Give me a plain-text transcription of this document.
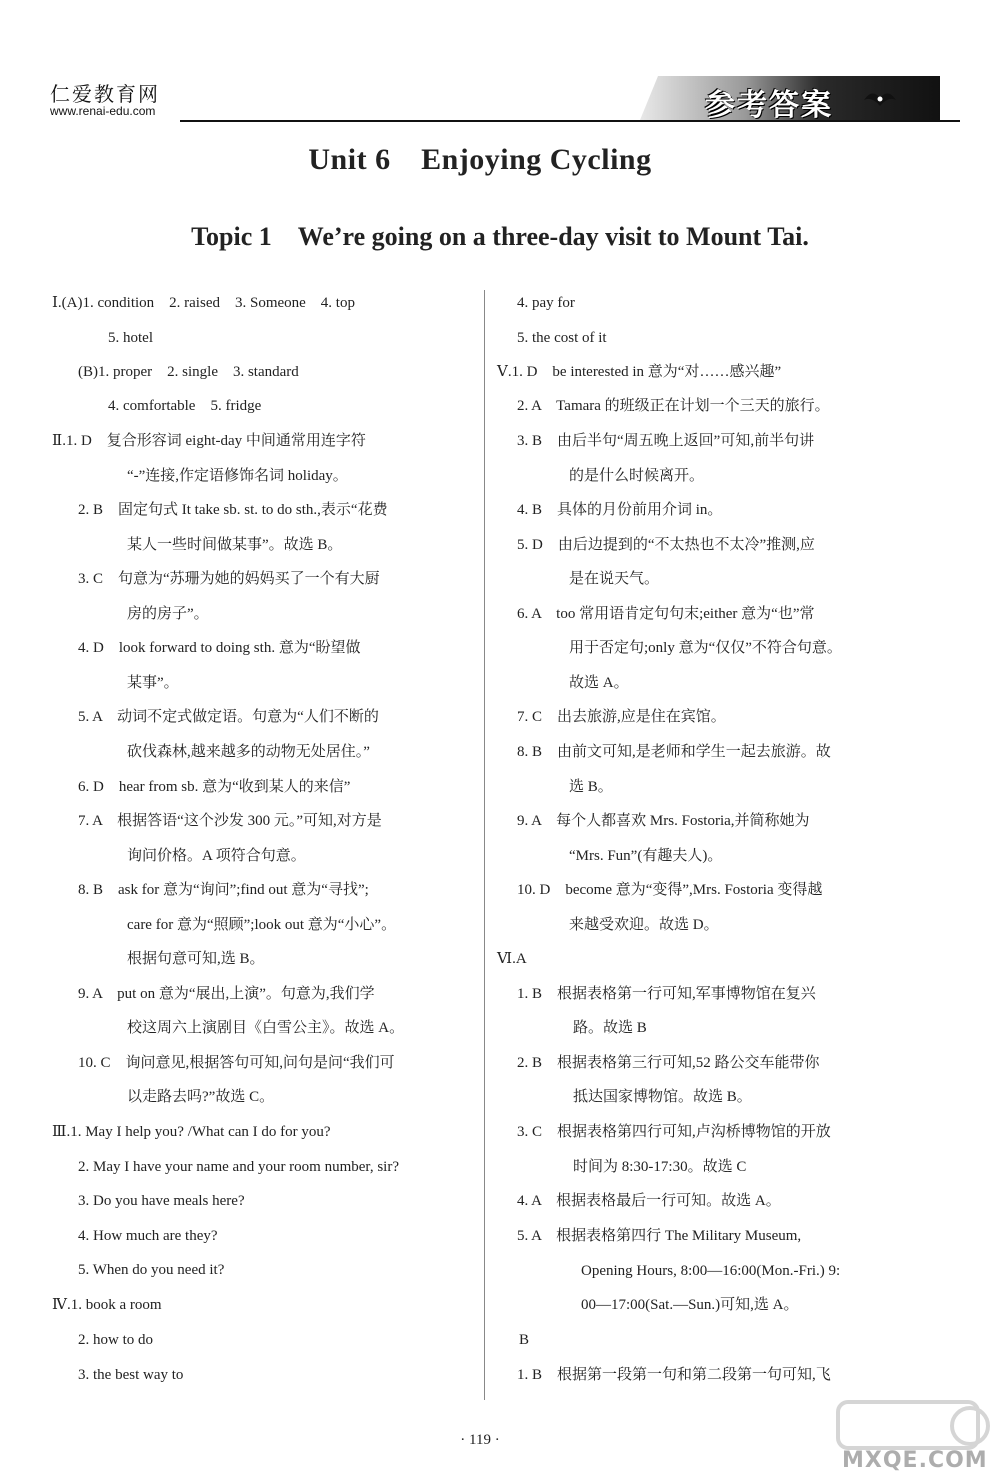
仁爱教育网
www.renai-edu.com	参考答案
Unit 6　Enjoying Cycling
Topic 1　We’re going on a three-day visit to Mount Tai.
Ⅰ.(A)1. condition　2. raised　3. Someone　4. top
5. hotel
(B)1. proper　2. single　3. standard
4. comfortable　5. fridge
Ⅱ.1. D　复合形容词 eight-day 中间通常用连字符
“-”连接,作定语修饰名词 holiday。
2. B　固定句式 It take sb. st. to do sth.,表示“花费
某人一些时间做某事”。故选 B。
3. C　句意为“苏珊为她的妈妈买了一个有大厨
房的房子”。
4. D　look forward to doing sth. 意为“盼望做
某事”。
5. A　动词不定式做定语。句意为“人们不断的
砍伐森林,越来越多的动物无处居住。”
6. D　hear from sb. 意为“收到某人的来信”
7. A　根据答语“这个沙发 300 元。”可知,对方是
询问价格。A 项符合句意。
8. B　ask for 意为“询问”;find out 意为“寻找”;
care for 意为“照顾”;look out 意为“小心”。
根据句意可知,选 B。
9. A　put on 意为“展出,上演”。句意为,我们学
校这周六上演剧目《白雪公主》。故选 A。
10. C　询问意见,根据答句可知,问句是问“我们可
以走路去吗?”故选 C。
Ⅲ.1. May I help you? /What can I do for you?
2. May I have your name and your room number, sir?
3. Do you have meals here?
4. How much are they?
5. When do you need it?
Ⅳ.1. book a room
2. how to do
3. the best way to
4. pay for
5. the cost of it
Ⅴ.1. D　be interested in 意为“对……感兴趣”
2. A　Tamara 的班级正在计划一个三天的旅行。
3. B　由后半句“周五晚上返回”可知,前半句讲
的是什么时候离开。
4. B　具体的月份前用介词 in。
5. D　由后边提到的“不太热也不太冷”推测,应
是在说天气。
6. A　too 常用语肯定句句末;either 意为“也”常
用于否定句;only 意为“仅仅”不符合句意。
故选 A。
7. C　出去旅游,应是住在宾馆。
8. B　由前文可知,是老师和学生一起去旅游。故
选 B。
9. A　每个人都喜欢 Mrs. Fostoria,并简称她为
“Mrs. Fun”(有趣夫人)。
10. D　become 意为“变得”,Mrs. Fostoria 变得越
来越受欢迎。故选 D。
Ⅵ.A
1. B　根据表格第一行可知,军事博物馆在复兴
路。故选 B
2. B　根据表格第三行可知,52 路公交车能带你
抵达国家博物馆。故选 B。
3. C　根据表格第四行可知,卢沟桥博物馆的开放
时间为 8:30-17:30。故选 C
4. A　根据表格最后一行可知。故选 A。
5. A　根据表格第四行 The Military Museum,
Opening Hours, 8:00—16:00(Mon.-Fri.) 9:
00—17:00(Sat.—Sun.)可知,选 A。
B
1. B　根据第一段第一句和第二段第一句可知,飞
· 119 ·
MXQE.COM
